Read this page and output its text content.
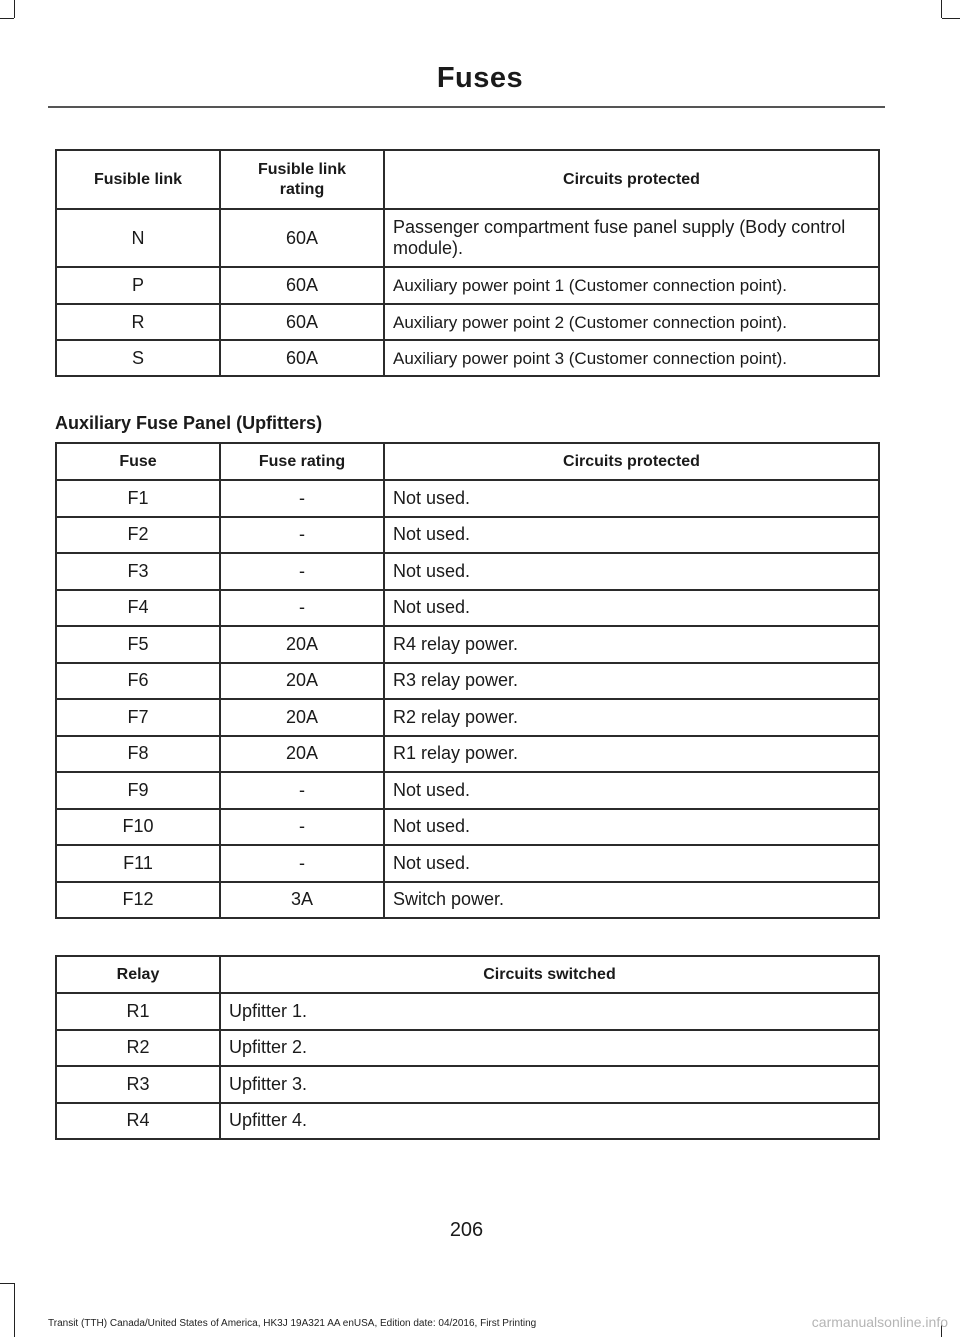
Fuses
Fusible link	Fusible link rating	Circuits protected
N	60A	Passenger compartment fuse panel supply (Body control module).
P	60A	Auxiliary power point 1 (Customer connection point).
R	60A	Auxiliary power point 2 (Customer connection point).
S	60A	Auxiliary power point 3 (Customer connection point).
Auxiliary Fuse Panel (Upfitters)
Fuse	Fuse rating	Circuits protected
F1	-	Not used.
F2	-	Not used.
F3	-	Not used.
F4	-	Not used.
F5	20A	R4 relay power.
F6	20A	R3 relay power.
F7	20A	R2 relay power.
F8	20A	R1 relay power.
F9	-	Not used.
F10	-	Not used.
F11	-	Not used.
F12	3A	Switch power.
Relay	Circuits switched
R1	Upfitter 1.
R2	Upfitter 2.
R3	Upfitter 3.
R4	Upfitter 4.
206
Transit (TTH) Canada/United States of America, HK3J 19A321 AA enUSA, Edition date: 04/2016, First Printing	carmanualsonline.info
